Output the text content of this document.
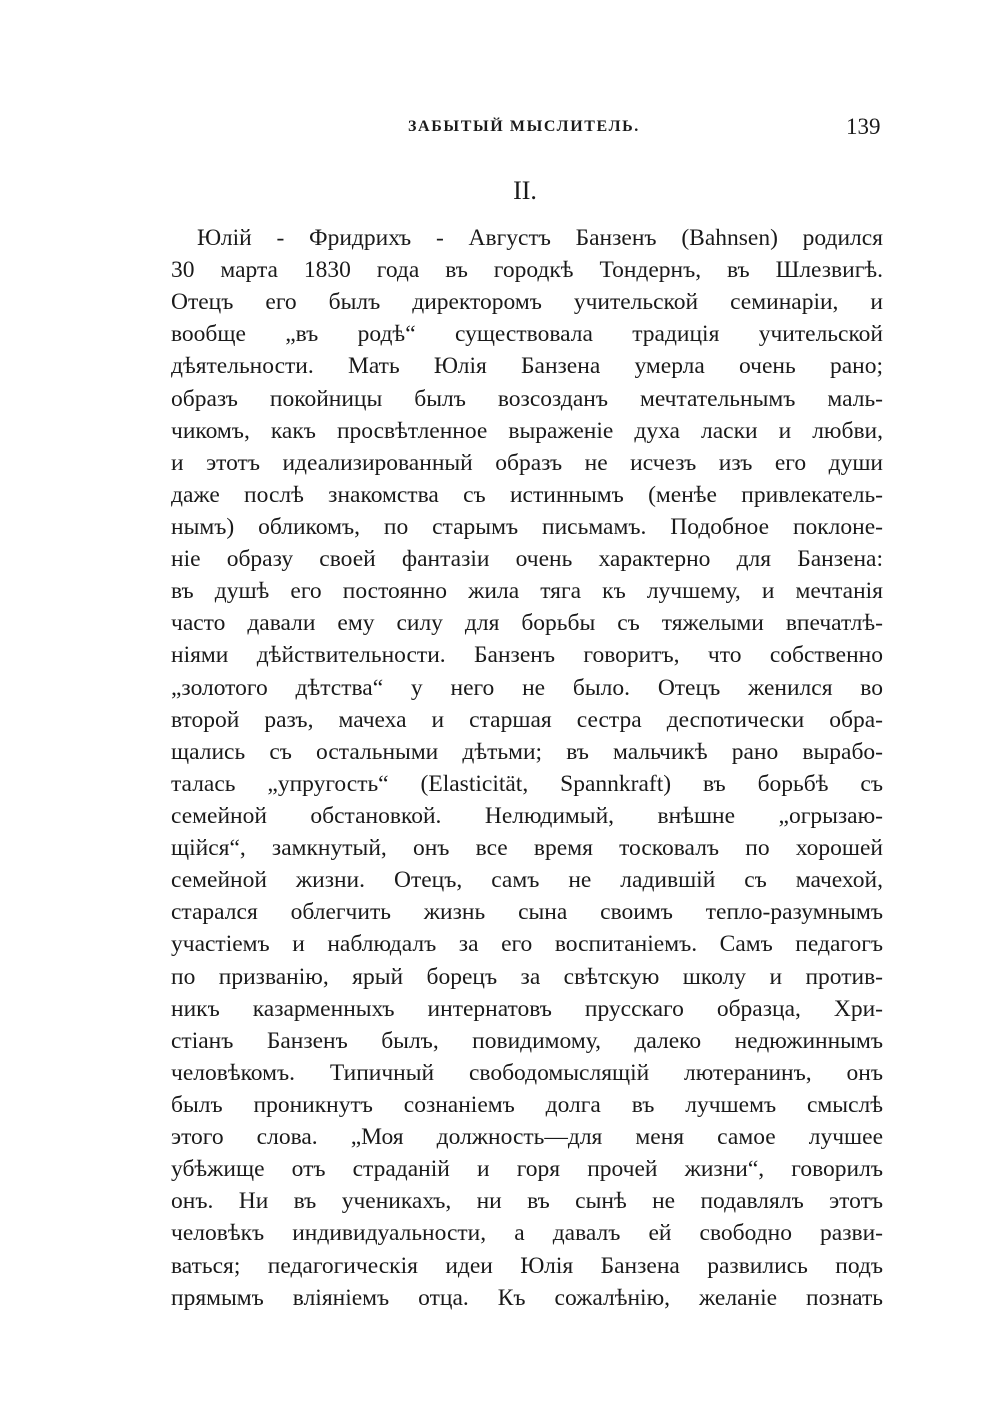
ЗАБЫТЫЙ МЫСЛИТЕЛЬ.	139
II.
Юлій - Фридрихъ - Августъ Банзенъ (Bahnsen) родился
30 марта 1830 года въ городкѣ Тондернъ, въ Шлезвигѣ.
Отецъ его былъ директоромъ учительской семинаріи, и
вообще „въ родѣ“ существовала традиція учительской
дѣятельности. Мать Юлія Банзена умерла очень рано;
образъ покойницы былъ возсозданъ мечтательнымъ маль-
чикомъ, какъ просвѣтленное выраженіе духа ласки и любви,
и этотъ идеализированный образъ не исчезъ изъ его души
даже послѣ знакомства съ истиннымъ (менѣе привлекатель-
нымъ) обликомъ, по старымъ письмамъ. Подобное поклоне-
ніе образу своей фантазіи очень характерно для Банзена:
въ душѣ его постоянно жила тяга къ лучшему, и мечтанія
часто давали ему силу для борьбы съ тяжелыми впечатлѣ-
ніями дѣйствительности. Банзенъ говоритъ, что собственно
„золотого дѣтства“ у него не было. Отецъ женился во
второй разъ, мачеха и старшая сестра деспотически обра-
щались съ остальными дѣтьми; въ мальчикѣ рано вырабо-
талась „упругость“ (Elasticität, Spannkraft) въ борьбѣ съ
семейной обстановкой. Нелюдимый, внѣшне „огрызаю-
щійся“, замкнутый, онъ все время тосковалъ по хорошей
семейной жизни. Отецъ, самъ не ладившій съ мачехой,
старался облегчить жизнь сына своимъ тепло-разумнымъ
участіемъ и наблюдалъ за его воспитаніемъ. Самъ педагогъ
по призванію, ярый борецъ за свѣтскую школу и против-
никъ казарменныхъ интернатовъ прусскаго образца, Хри-
стіанъ Банзенъ былъ, повидимому, далеко недюжиннымъ
человѣкомъ. Типичный свободомыслящій лютеранинъ, онъ
былъ проникнутъ сознаніемъ долга въ лучшемъ смыслѣ
этого слова. „Моя должность—для меня самое лучшее
убѣжище отъ страданій и горя прочей жизни“, говорилъ
онъ. Ни въ ученикахъ, ни въ сынѣ не подавлялъ этотъ
человѣкъ индивидуальности, а давалъ ей свободно разви-
ваться; педагогическія идеи Юлія Банзена развились подъ
прямымъ вліяніемъ отца. Къ сожалѣнію, желаніе познать
